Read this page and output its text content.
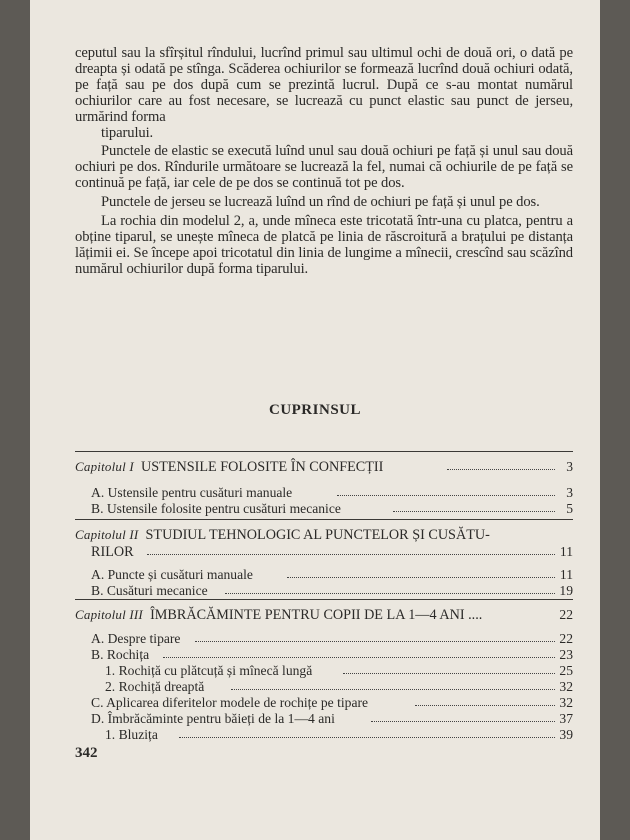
ceputul sau la sfîrșitul rîndului, lucrînd primul sau ultimul ochi de două ori, o dată pe dreapta și odată pe stînga. Scăderea ochiurilor se formează lucrînd două ochiuri odată, pe față sau pe dos după cum se prezintă lucrul. După ce s-au montat numărul ochiurilor care au fost necesare, se lucrează cu punct elastic sau punct de jerseu, urmărind forma
tiparului.

Punctele de elastic se execută luînd unul sau două ochiuri pe față și unul sau două ochiuri pe dos. Rîndurile următoare se lucrează la fel, numai că ochiurile de pe față se continuă pe față, iar cele de pe dos se continuă tot pe dos.

Punctele de jerseu se lucrează luînd un rînd de ochiuri pe față și unul pe dos.

La rochia din modelul 2, a, unde mîneca este tricotată într-una cu platca, pentru a obține tiparul, se unește mîneca de platcă pe linia de răscroitură a brațului pe distanța lățimii ei. Se începe apoi tricotatul din linia de lungime a mînecii, crescînd sau scăzînd numărul ochiurilor după forma tiparului.

CUPRINSUL
Capitolul I USTENSILE FOLOSITE ÎN CONFECȚII	3
A. Ustensile pentru cusături manuale	3
B. Ustensile folosite pentru cusături mecanice	5
Capitolul II STUDIUL TEHNOLOGIC AL PUNCTELOR ȘI CUSĂTU-
RILOR	11
A. Puncte și cusături manuale	11
B. Cusături mecanice	19
Capitolul III ÎMBRĂCĂMINTE PENTRU COPII DE LA 1—4 ANI ....	22
A. Despre tipare	22
B. Rochița	23
1. Rochiță cu plătcuță și mînecă lungă	25
2. Rochiță dreaptă	32
C. Aplicarea diferitelor modele de rochițe pe tipare	32
D. Îmbrăcăminte pentru băieți de la 1—4 ani	37
1. Bluzița	39
342
